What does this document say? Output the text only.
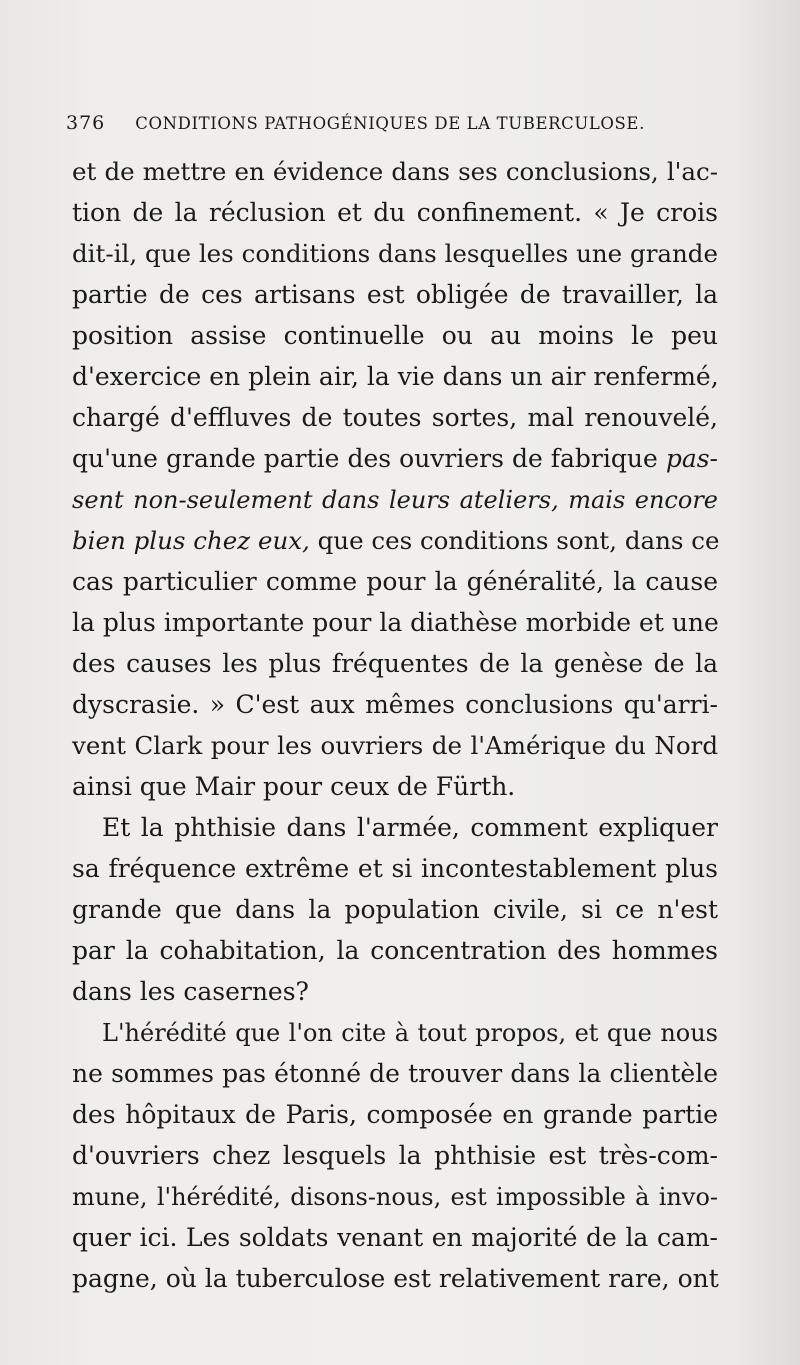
376 CONDITIONS PATHOGÉNIQUES DE LA TUBERCULOSE.
et de mettre en évidence dans ses conclusions, l'ac-
tion de la réclusion et du confinement. « Je crois
dit-il, que les conditions dans lesquelles une grande
partie de ces artisans est obligée de travailler, la
position assise continuelle ou au moins le peu
d'exercice en plein air, la vie dans un air renfermé,
chargé d'effluves de toutes sortes, mal renouvelé,
qu'une grande partie des ouvriers de fabrique pas-
sent non-seulement dans leurs ateliers, mais encore
bien plus chez eux, que ces conditions sont, dans ce
cas particulier comme pour la généralité, la cause
la plus importante pour la diathèse morbide et une
des causes les plus fréquentes de la genèse de la
dyscrasie. » C'est aux mêmes conclusions qu'arri-
vent Clark pour les ouvriers de l'Amérique du Nord
ainsi que Mair pour ceux de Fürth.
Et la phthisie dans l'armée, comment expliquer
sa fréquence extrême et si incontestablement plus
grande que dans la population civile, si ce n'est
par la cohabitation, la concentration des hommes
dans les casernes?
L'hérédité que l'on cite à tout propos, et que nous
ne sommes pas étonné de trouver dans la clientèle
des hôpitaux de Paris, composée en grande partie
d'ouvriers chez lesquels la phthisie est très-com-
mune, l'hérédité, disons-nous, est impossible à invo-
quer ici. Les soldats venant en majorité de la cam-
pagne, où la tuberculose est relativement rare, ont
